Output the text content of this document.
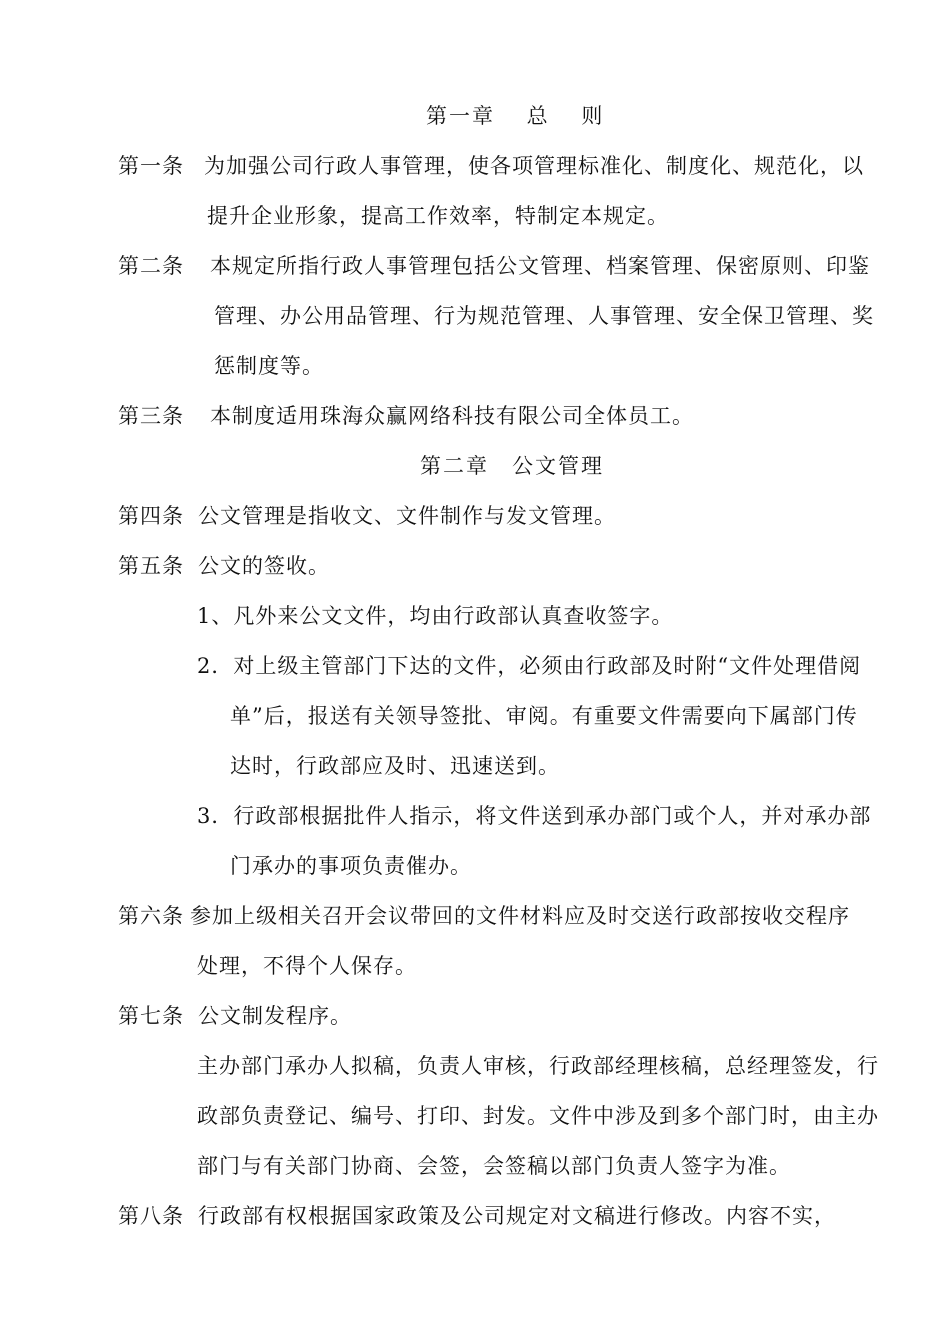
第一章　 总　 则
第一条 为加强公司行政人事管理，使各项管理标准化、制度化、规范化，以
提升企业形象，提高工作效率，特制定本规定。
第二条 本规定所指行政人事管理包括公文管理、档案管理、保密原则、印鉴
管理、办公用品管理、行为规范管理、人事管理、安全保卫管理、奖
惩制度等。
第三条 本制度适用珠海众赢网络科技有限公司全体员工。
第二章　公文管理
第四条 公文管理是指收文、文件制作与发文管理。
第五条 公文的签收。
1、凡外来公文文件，均由行政部认真查收签字。
2．对上级主管部门下达的文件，必须由行政部及时附“文件处理借阅
单”后，报送有关领导签批、审阅。有重要文件需要向下属部门传
达时，行政部应及时、迅速送到。
3．行政部根据批件人指示，将文件送到承办部门或个人，并对承办部
门承办的事项负责催办。
第六条 参加上级相关召开会议带回的文件材料应及时交送行政部按收交程序
处理，不得个人保存。
第七条 公文制发程序。
主办部门承办人拟稿，负责人审核，行政部经理核稿，总经理签发，行
政部负责登记、编号、打印、封发。文件中涉及到多个部门时，由主办
部门与有关部门协商、会签，会签稿以部门负责人签字为准。
第八条 行政部有权根据国家政策及公司规定对文稿进行修改。内容不实，
